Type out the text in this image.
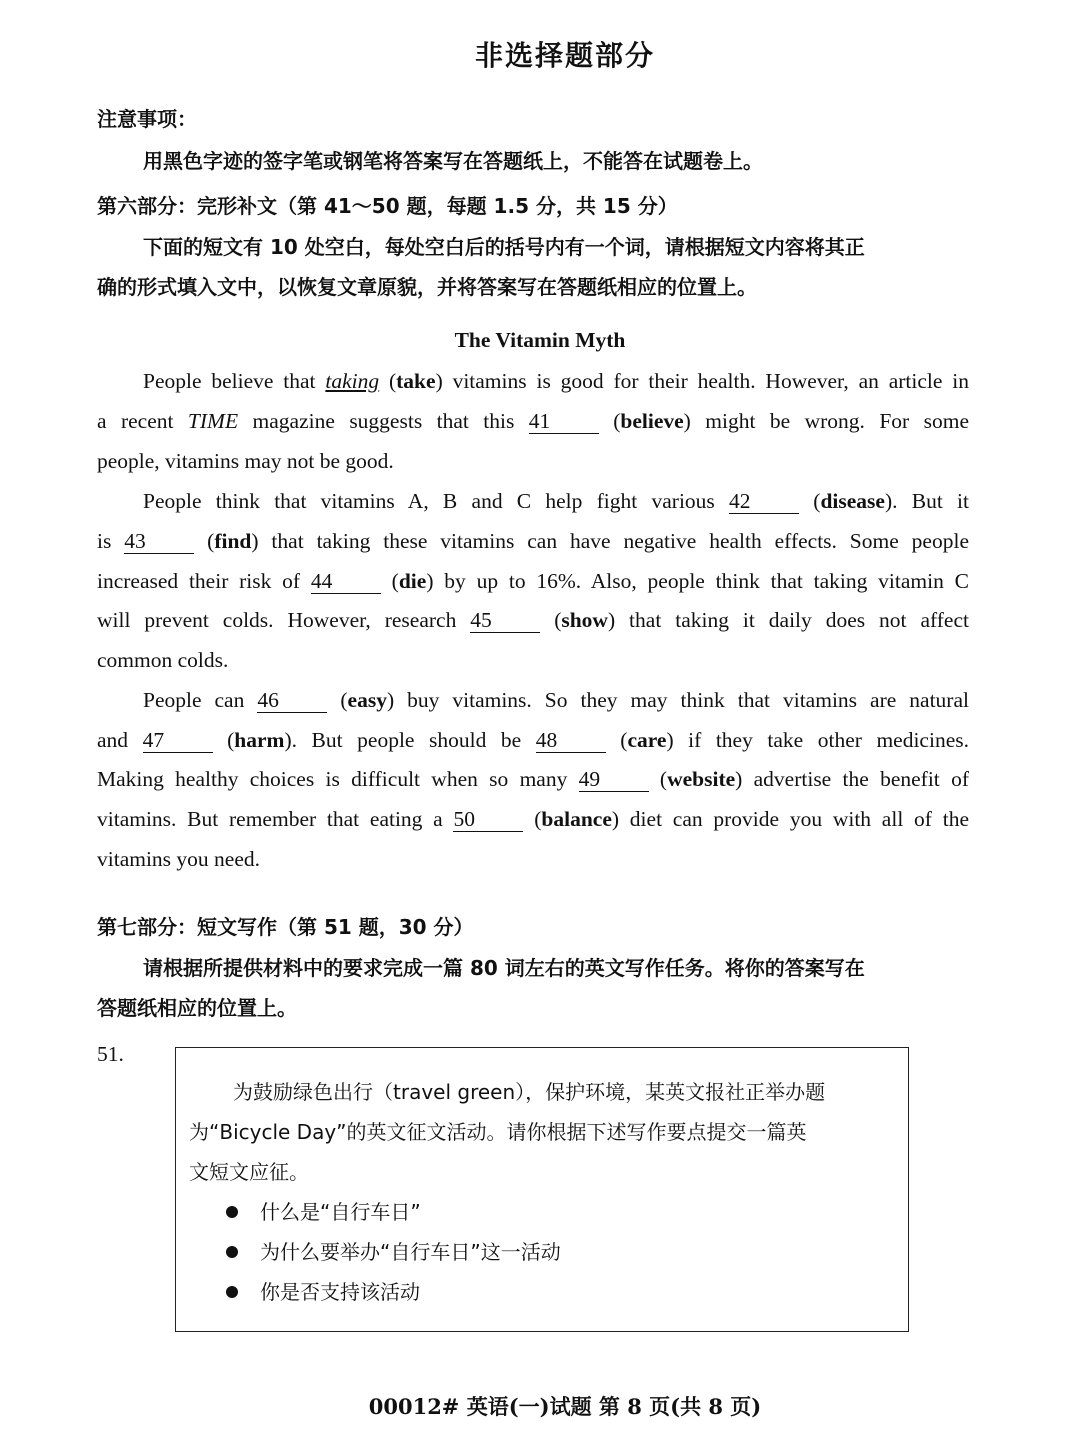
非选择题部分
注意事项：
用黑色字迹的签字笔或钢笔将答案写在答题纸上，不能答在试题卷上。
第六部分：完形补文（第 41～50 题，每题 1.5 分，共 15 分）
下面的短文有 10 处空白，每处空白后的括号内有一个词，请根据短文内容将其正
确的形式填入文中，以恢复文章原貌，并将答案写在答题纸相应的位置上。
The Vitamin Myth
People believe that taking (take) vitamins is good for their health. However, an article in
a recent TIME magazine suggests that this 41 (believe) might be wrong. For some
people, vitamins may not be good.
People think that vitamins A, B and C help fight various 42 (disease). But it
is 43 (find) that taking these vitamins can have negative health effects. Some people
increased their risk of 44 (die) by up to 16%. Also, people think that taking vitamin C
will prevent colds. However, research 45 (show) that taking it daily does not affect
common colds.
People can 46 (easy) buy vitamins. So they may think that vitamins are natural
and 47 (harm). But people should be 48 (care) if they take other medicines.
Making healthy choices is difficult when so many 49 (website) advertise the benefit of
vitamins. But remember that eating a 50 (balance) diet can provide you with all of the
vitamins you need.
第七部分：短文写作（第 51 题，30 分）
请根据所提供材料中的要求完成一篇 80 词左右的英文写作任务。将你的答案写在
答题纸相应的位置上。
51.
为鼓励绿色出行（travel green），保护环境，某英文报社正举办题
为“Bicycle Day”的英文征文活动。请你根据下述写作要点提交一篇英
文短文应征。
什么是“自行车日”
为什么要举办“自行车日”这一活动
你是否支持该活动
00012# 英语(一)试题 第 8 页(共 8 页)
